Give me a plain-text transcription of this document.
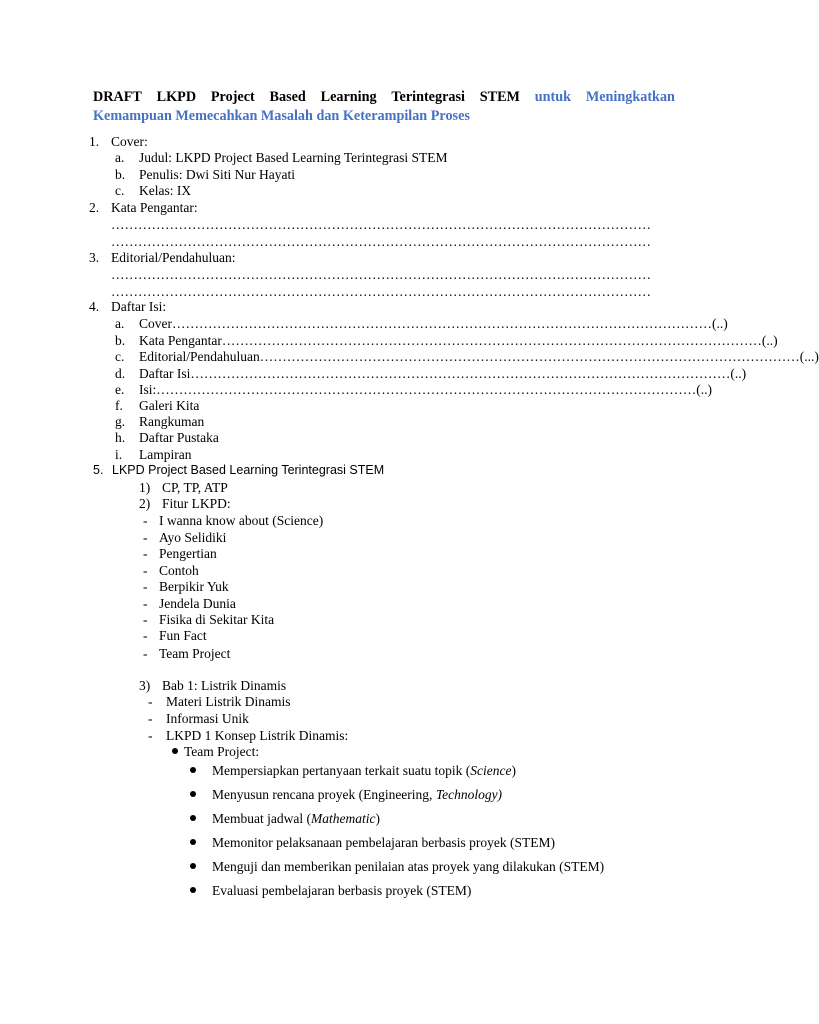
DRAFT LKPD Project Based Learning Terintegrasi STEM untuk Meningkatkan
Kemampuan Memecahkan Masalah dan Keterampilan Proses
1. Cover:
a. Judul: LKPD Project Based Learning Terintegrasi STEM
b. Penulis: Dwi Siti Nur Hayati
c. Kelas: IX
2. Kata Pengantar:
…………………………………………………………………………………………………………
…………………………………………………………………………………………………………
3. Editorial/Pendahuluan:
…………………………………………………………………………………………………………
…………………………………………………………………………………………………………
4. Daftar Isi:
a. Cover ………………………………………………………………………………………………………… (..)
b. Kata Pengantar ………………………………………………………………………………………………………… (..)
c. Editorial/Pendahuluan ………………………………………………………………………………………………………… (...)
d. Daftar Isi ………………………………………………………………………………………………………… (..)
e. Isi: ………………………………………………………………………………………………………… (..)
f. Galeri Kita
g. Rangkuman
h. Daftar Pustaka
i. Lampiran
5. LKPD Project Based Learning Terintegrasi STEM
1) CP, TP, ATP
2) Fitur LKPD:
- I wanna know about (Science)
- Ayo Selidiki
- Pengertian
- Contoh
- Berpikir Yuk
- Jendela Dunia
- Fisika di Sekitar Kita
- Fun Fact
- Team Project
3) Bab 1: Listrik Dinamis
- Materi Listrik Dinamis
- Informasi Unik
- LKPD 1 Konsep Listrik Dinamis:
Team Project:
Mempersiapkan pertanyaan terkait suatu topik (Science)
Menyusun rencana proyek (Engineering, Technology)
Membuat jadwal (Mathematic)
Memonitor pelaksanaan pembelajaran berbasis proyek (STEM)
Menguji dan memberikan penilaian atas proyek yang dilakukan (STEM)
Evaluasi pembelajaran berbasis proyek (STEM)
